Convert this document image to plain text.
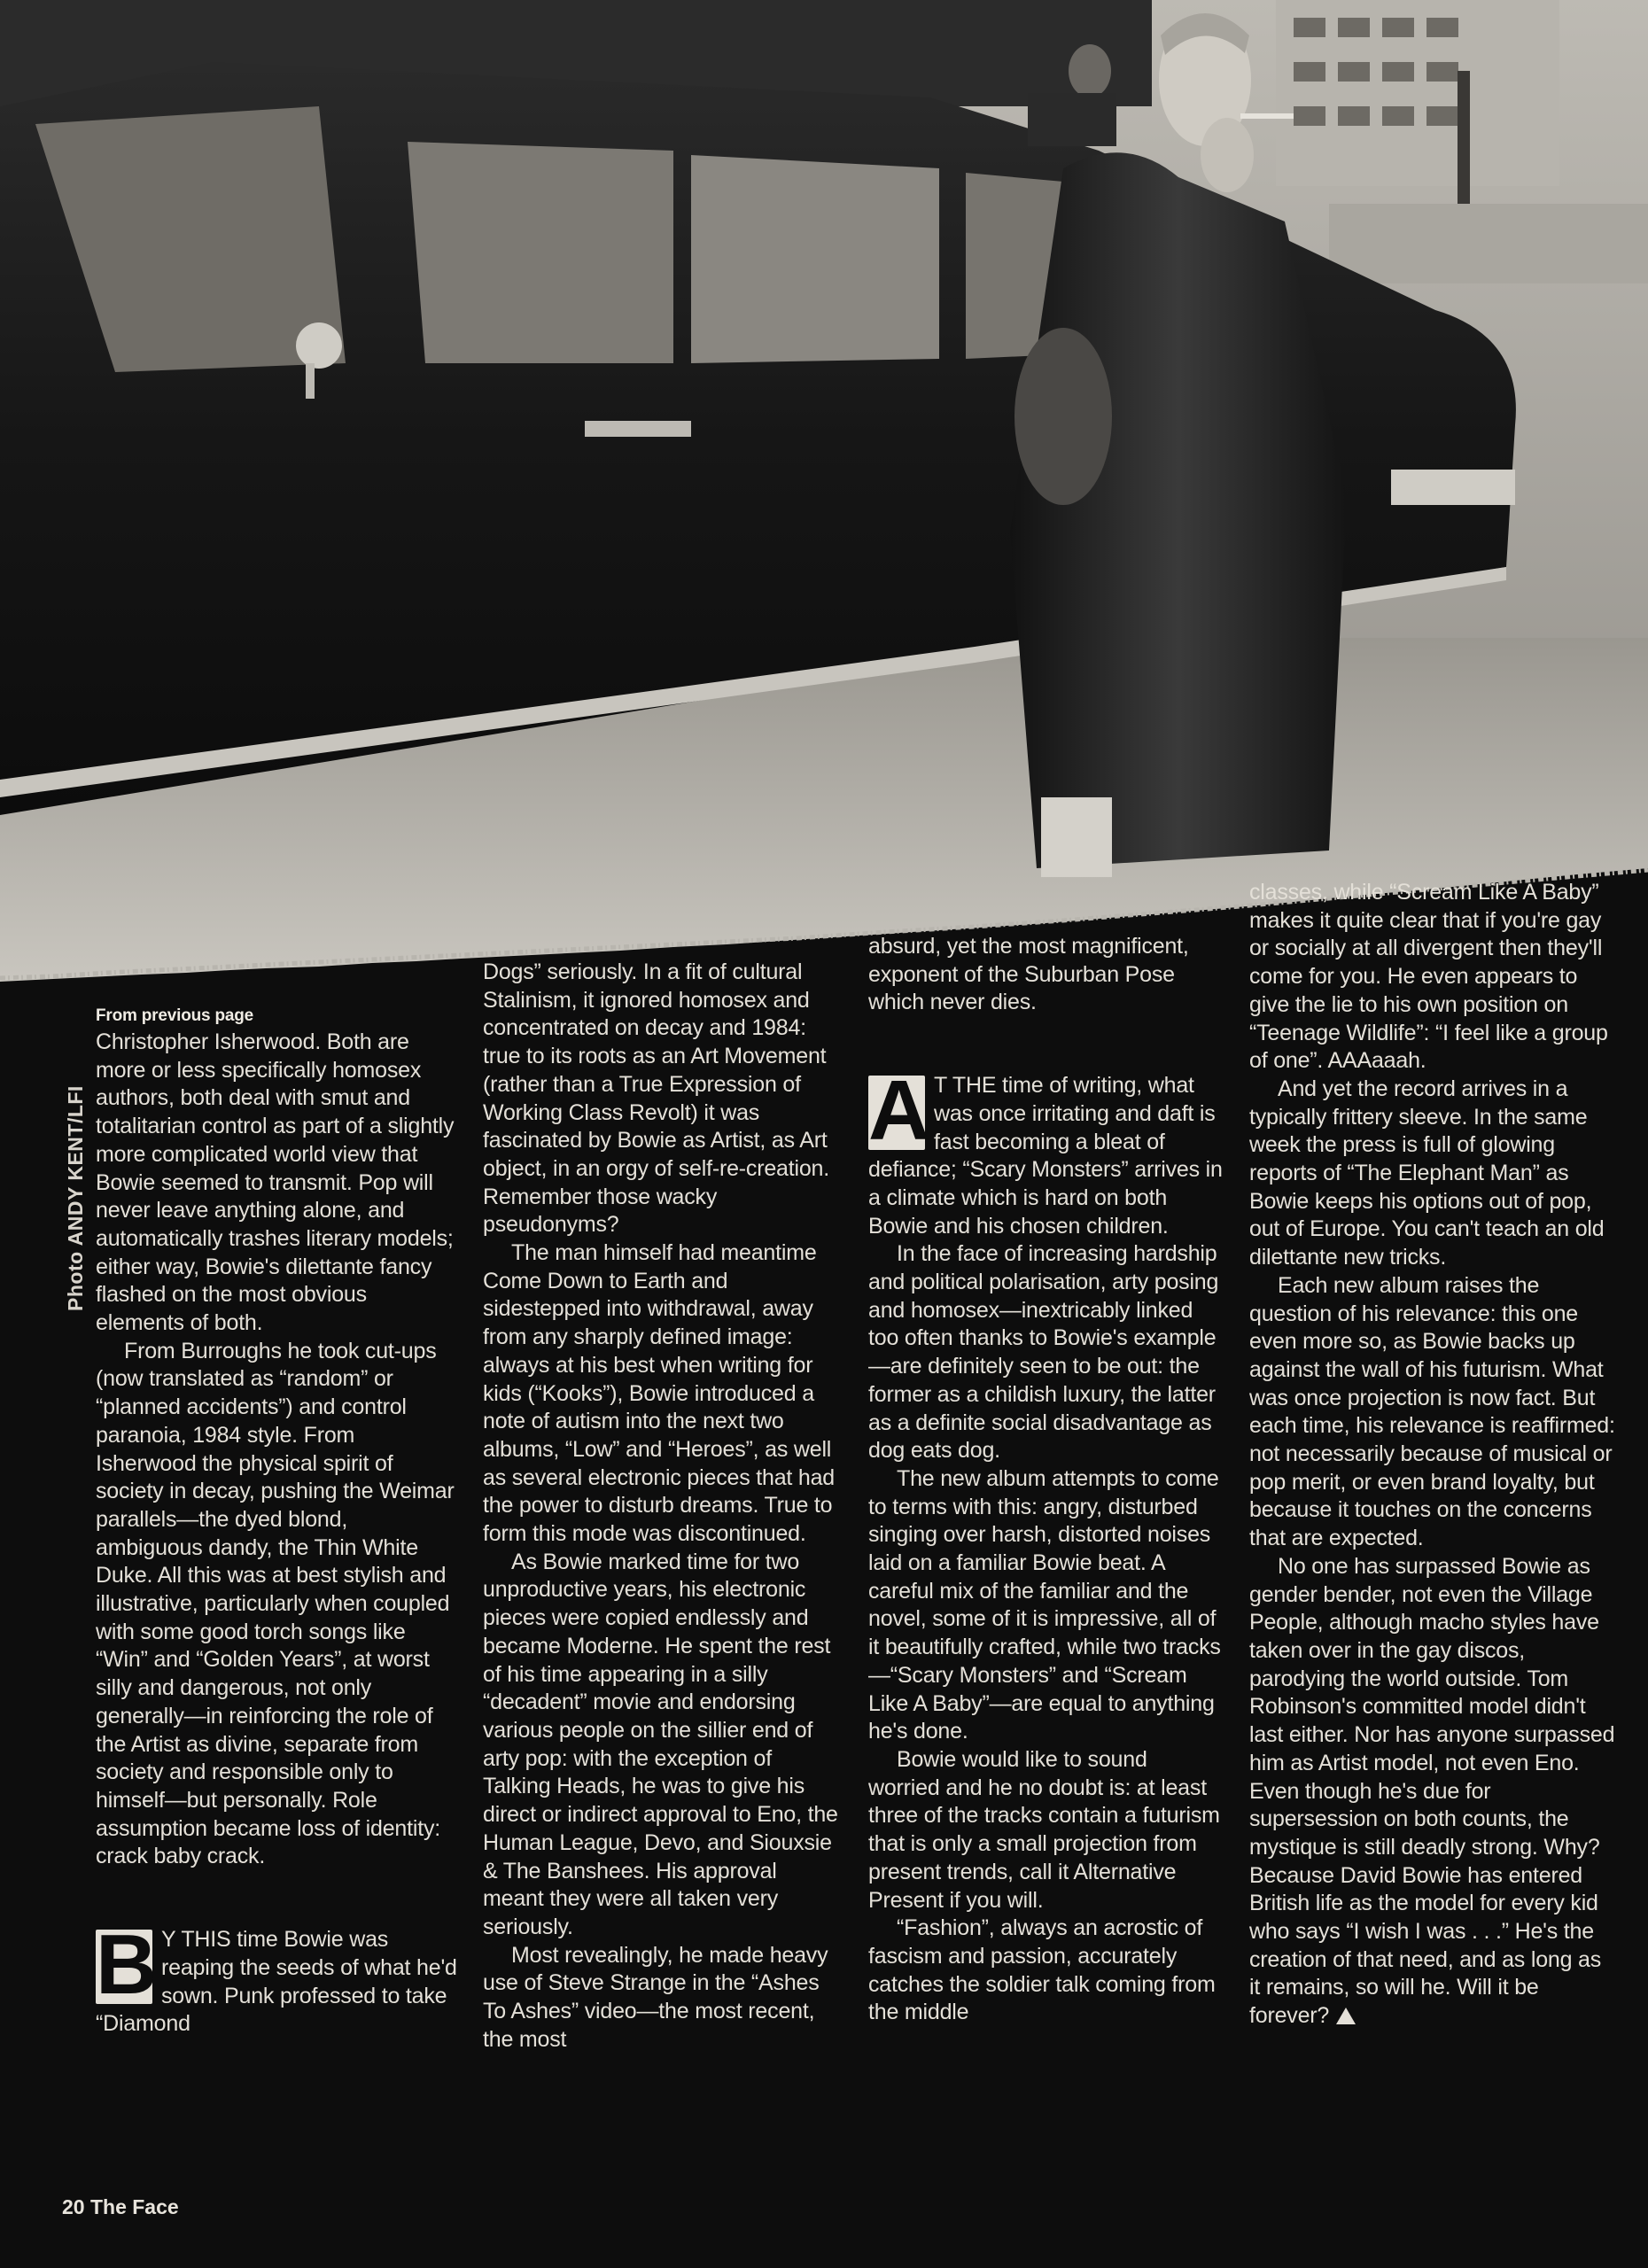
Photo ANDY KENT/LFI
From previous page

Christopher Isherwood. Both are more or less specifically homosex authors, both deal with smut and totalitarian control as part of a slightly more complicated world view that Bowie seemed to transmit. Pop will never leave anything alone, and automatically trashes literary models; either way, Bowie's dilettante fancy flashed on the most obvious elements of both.

From Burroughs he took cut-ups (now translated as “random” or “planned accidents”) and control paranoia, 1984 style. From Isherwood the physical spirit of society in decay, pushing the Weimar parallels—the dyed blond, ambiguous dandy, the Thin White Duke. All this was at best stylish and illustrative, particularly when coupled with some good torch songs like “Win” and “Golden Years”, at worst silly and dangerous, not only generally—in reinforcing the role of the Artist as divine, separate from society and responsible only to himself—but personally. Role assumption became loss of identity: crack baby crack.

B Y THIS time Bowie was reaping the seeds of what he'd sown. Punk professed to take “Diamond

Dogs” seriously. In a fit of cultural Stalinism, it ignored homosex and concentrated on decay and 1984: true to its roots as an Art Movement (rather than a True Expression of Working Class Revolt) it was fascinated by Bowie as Artist, as Art object, in an orgy of self-re-creation. Remember those wacky pseudonyms?

The man himself had meantime Come Down to Earth and sidestepped into withdrawal, away from any sharply defined image: always at his best when writing for kids (“Kooks”), Bowie introduced a note of autism into the next two albums, “Low” and “Heroes”, as well as several electronic pieces that had the power to disturb dreams. True to form this mode was discontinued.

As Bowie marked time for two unproductive years, his electronic pieces were copied endlessly and became Moderne. He spent the rest of his time appearing in a silly “decadent” movie and endorsing various people on the sillier end of arty pop: with the exception of Talking Heads, he was to give his direct or indirect approval to Eno, the Human League, Devo, and Siouxsie & The Banshees. His approval meant they were all taken very seriously.

Most revealingly, he made heavy use of Steve Strange in the “Ashes To Ashes” video—the most recent, the most

absurd, yet the most magnificent, exponent of the Suburban Pose which never dies.

A T THE time of writing, what was once irritating and daft is fast becoming a bleat of defiance; “Scary Monsters” arrives in a climate which is hard on both Bowie and his chosen children.

In the face of increasing hardship and political polarisation, arty posing and homosex—inextricably linked too often thanks to Bowie's example—are definitely seen to be out: the former as a childish luxury, the latter as a definite social disadvantage as dog eats dog.

The new album attempts to come to terms with this: angry, disturbed singing over harsh, distorted noises laid on a familiar Bowie beat. A careful mix of the familiar and the novel, some of it is impressive, all of it beautifully crafted, while two tracks—“Scary Monsters” and “Scream Like A Baby”—are equal to anything he's done.

Bowie would like to sound worried and he no doubt is: at least three of the tracks contain a futurism that is only a small projection from present trends, call it Alternative Present if you will.

“Fashion”, always an acrostic of fascism and passion, accurately catches the soldier talk coming from the middle

classes, while “Scream Like A Baby” makes it quite clear that if you're gay or socially at all divergent then they'll come for you. He even appears to give the lie to his own position on “Teenage Wildlife”: “I feel like a group of one”. AAAaaah.

And yet the record arrives in a typically frittery sleeve. In the same week the press is full of glowing reports of “The Elephant Man” as Bowie keeps his options out of pop, out of Europe. You can't teach an old dilettante new tricks.

Each new album raises the question of his relevance: this one even more so, as Bowie backs up against the wall of his futurism. What was once projection is now fact. But each time, his relevance is reaffirmed: not necessarily because of musical or pop merit, or even brand loyalty, but because it touches on the concerns that are expected.

No one has surpassed Bowie as gender bender, not even the Village People, although macho styles have taken over in the gay discos, parodying the world outside. Tom Robinson's committed model didn't last either. Nor has anyone surpassed him as Artist model, not even Eno. Even though he's due for supersession on both counts, the mystique is still deadly strong. Why? Because David Bowie has entered British life as the model for every kid who says “I wish I was . . .” He's the creation of that need, and as long as it remains, so will he. Will it be forever?

20 The Face
